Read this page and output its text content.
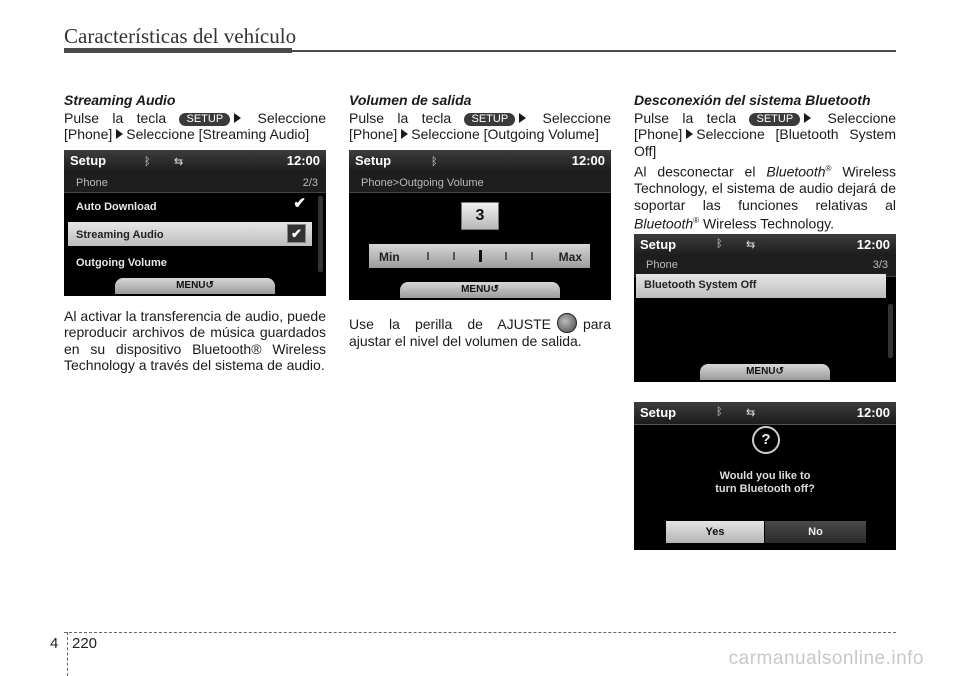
Características del vehículo
Streaming Audio

Pulse la tecla SETUP Seleccione [Phone] Seleccione [Streaming Audio]

Setup	ᛒ ⇆	12:00
Phone	2/3
Auto Download	✔
Streaming Audio	✔
Outgoing Volume
MENU↺

Al activar la transferencia de audio, puede reproducir archivos de música guardados en su dispositivo Bluetooth® Wireless Technology a través del sistema de audio.

Volumen de salida

Pulse la tecla SETUP Seleccione [Phone] Seleccione [Outgoing Volume]

Setup	ᛒ	12:00
Phone>Outgoing Volume
3
Min	Max
MENU↺

Use la perilla de AJUSTE para ajustar el nivel del volumen de salida.

Desconexión del sistema Bluetooth

Pulse la tecla SETUP Seleccione [Phone] Seleccione [Bluetooth System Off]

Al desconectar el Bluetooth® Wireless Technology, el sistema de audio dejará de soportar las funciones relativas al Bluetooth® Wireless Technology.

Setup	ᛒ ⇆	12:00
Phone	3/3
Bluetooth System Off
MENU↺
Setup	ᛒ ⇆	12:00
?
Would you like to
turn Bluetooth off?
Yes	No
4 220
carmanualsonline.info
